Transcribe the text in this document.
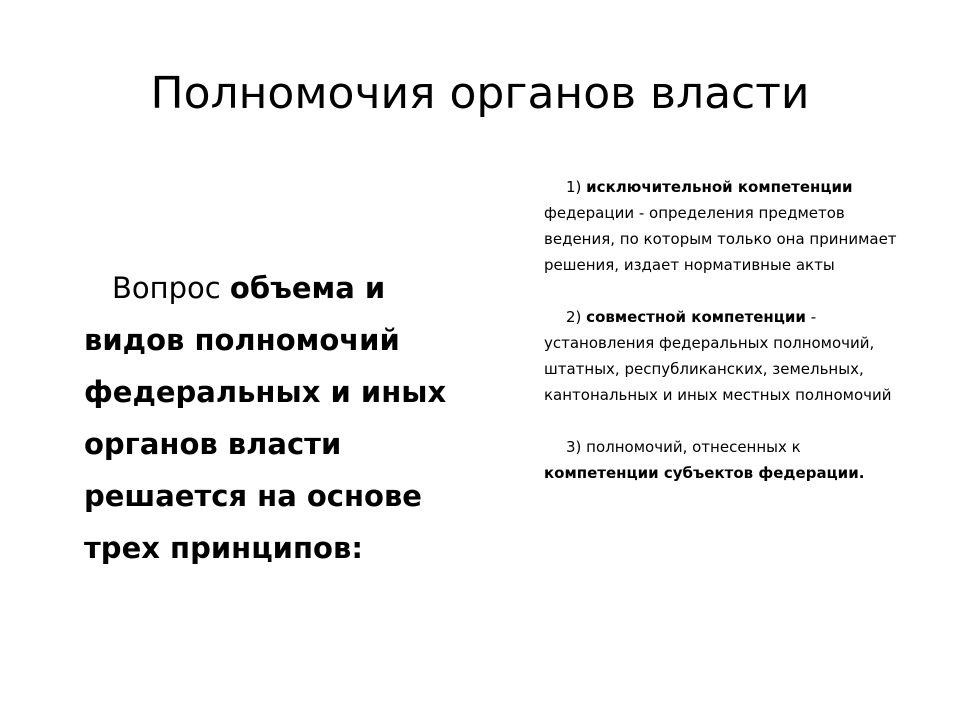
Полномочия органов власти
Вопрос объема и видов полномочий федеральных и иных органов власти решается на основе трех принципов:

1) исключительной компетенции федерации - определения предметов ведения, по которым только она принимает решения, издает нормативные акты

2) совместной компетенции - установления федеральных полномочий, штатных, республиканских, земельных, кантональных и иных местных полномочий

3) полномочий, отнесенных к компетенции субъектов федерации.
